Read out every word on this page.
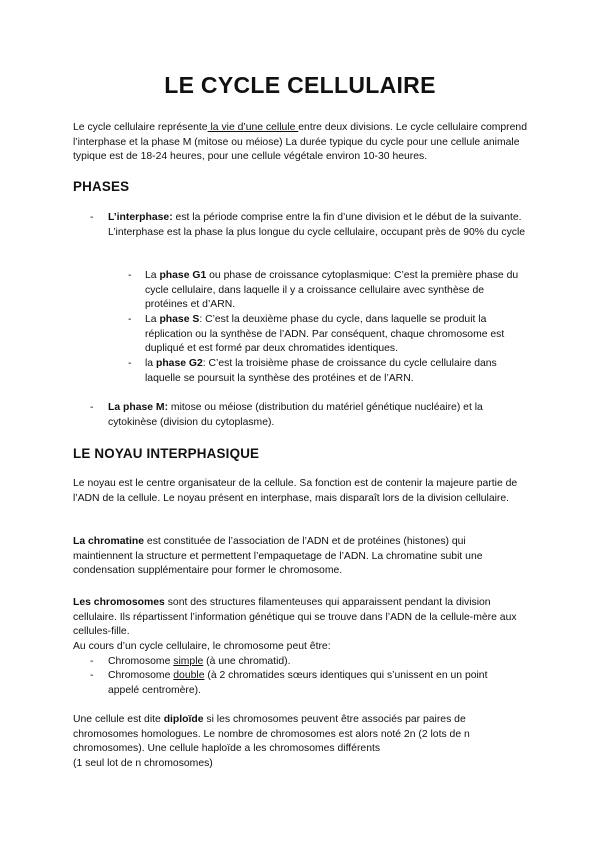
LE CYCLE CELLULAIRE

Le cycle cellulaire représente la vie d’une cellule entre deux divisions. Le cycle cellulaire comprend l’interphase et la phase M (mitose ou méiose) La durée typique du cycle pour une cellule animale typique est de 18-24 heures, pour une cellule végétale environ 10-30 heures.

PHASES
- L’interphase: est la période comprise entre la fin d’une division et le début de la suivante. L’interphase est la phase la plus longue du cycle cellulaire, occupant près de 90% du cycle

- La phase G1 ou phase de croissance cytoplasmique: C’est la première phase du cycle cellulaire, dans laquelle il y a croissance cellulaire avec synthèse de protéines et d’ARN.

- La phase S: C’est la deuxième phase du cycle, dans laquelle se produit la réplication ou la synthèse de l’ADN. Par conséquent, chaque chromosome est dupliqué et est formé par deux chromatides identiques.

- la phase G2: C’est la troisième phase de croissance du cycle cellulaire dans laquelle se poursuit la synthèse des protéines et de l’ARN.

- La phase M: mitose ou méiose (distribution du matériel génétique nucléaire) et la cytokinèse (division du cytoplasme).

LE NOYAU INTERPHASIQUE

Le noyau est le centre organisateur de la cellule. Sa fonction est de contenir la majeure partie de l’ADN de la cellule. Le noyau présent en interphase, mais disparaît lors de la division cellulaire.

La chromatine est constituée de l’association de l’ADN et de protéines (histones) qui maintiennent la structure et permettent l’empaquetage de l’ADN. La chromatine subit une condensation supplémentaire pour former le chromosome.

Les chromosomes sont des structures filamenteuses qui apparaissent pendant la division cellulaire. Ils répartissent l’information génétique qui se trouve dans l’ADN de la cellule-mère aux cellules-fille.

Au cours d’un cycle cellulaire, le chromosome peut être:

- Chromosome simple (à une chromatid).

- Chromosome double (à 2 chromatides sœurs identiques qui s’unissent en un point appelé centromère).

Une cellule est dite diploïde si les chromosomes peuvent être associés par paires de chromosomes homologues. Le nombre de chromosomes est alors noté 2n (2 lots de n chromosomes). Une cellule haploïde a les chromosomes différents

(1 seul lot de n chromosomes)
